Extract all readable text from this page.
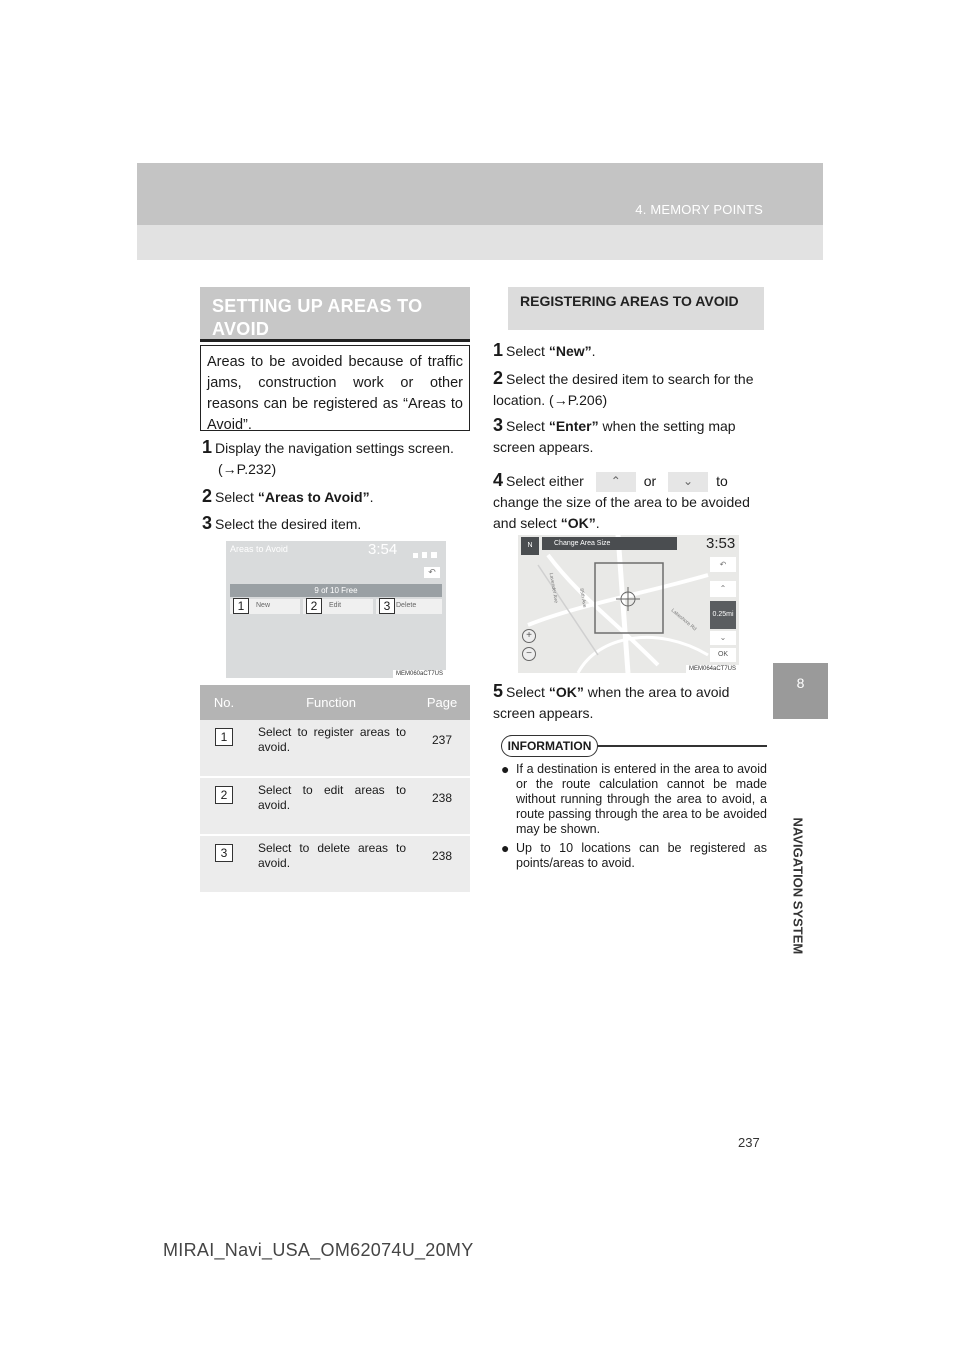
4. MEMORY POINTS
8
NAVIGATION SYSTEM
SETTING UP AREAS TO AVOID
Areas to be avoided because of traffic jams, construction work or other reasons can be registered as “Areas to Avoid”.
1 Display the navigation settings screen.
(→P.232)
2 Select “Areas to Avoid”.
3 Select the desired item.
Areas to Avoid	3:54
↶
9 of 10 Free
1	New	2	Edit	3 Delete
MEM060aCT7US
No.	Function	Page
1	Select to register areas to avoid.	237
2	Select to edit areas to avoid.	238
3	Select to delete areas to avoid.	238
REGISTERING AREAS TO AVOID
1 Select “New”.
2 Select the desired item to search for the location. (→P.206)
3 Select “Enter” when the setting map screen appears.
4 Select either ⌃ or ⌄ to change the size of the area to be avoided and select “OK”.
N	Change Area Size	3:53
↶
⌃
0.25mi
⌄
OK
+
−
85th Ave
Lavender Ave
Lakeshore Rd
MEM064aCT7US
5 Select “OK” when the area to avoid screen appears.
INFORMATION
● If a destination is entered in the area to avoid or the route calculation cannot be made without running through the area to avoid, a route passing through the area to be avoided may be shown.
● Up to 10 locations can be registered as points/areas to avoid.
237
MIRAI_Navi_USA_OM62074U_20MY
